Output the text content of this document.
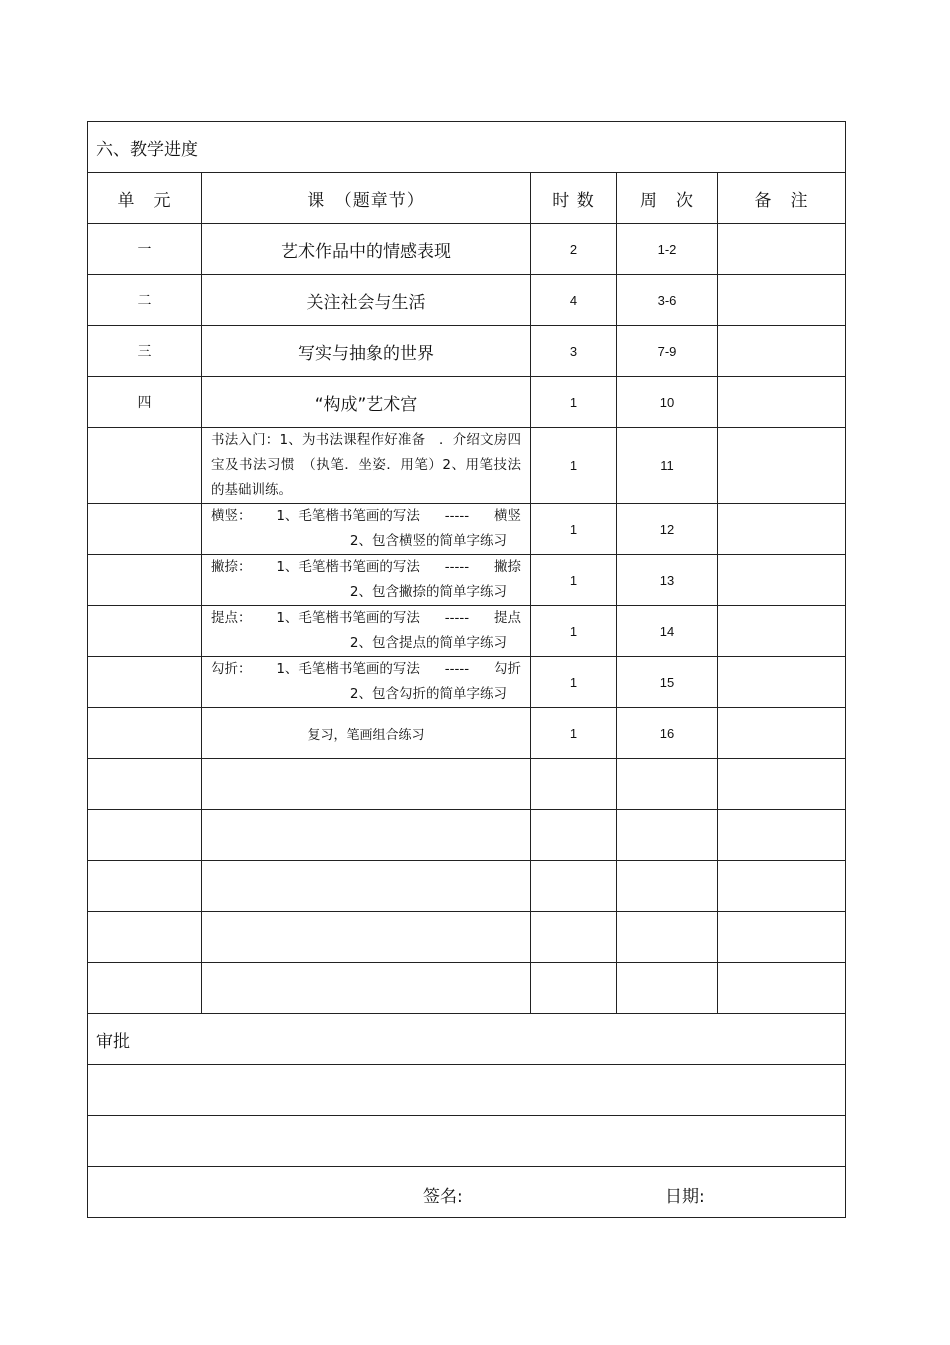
六、教学进度				
单　元	课　（题章节）	时 数	周　次	备　注
一	艺术作品中的情感表现	2	1-2	
二	关注社会与生活	4	3-6	
三	写实与抽象的世界	3	7-9	
四	“构成”艺术宫	1	10	
	书法入门：1、为书法课程作好准备　．介绍文房四宝及书法习惯　（执笔．坐姿．用笔）2、用笔技法的基础训练。	1	11	

	横竖： 1、毛笔楷书笔画的写法 ----- 横竖
2、包含横竖的简单字练习	1	12	

	撇捺： 1、毛笔楷书笔画的写法 ----- 撇捺
2、包含撇捺的简单字练习	1	13	

	提点： 1、毛笔楷书笔画的写法 ----- 提点
2、包含提点的简单字练习	1	14	

	勾折： 1、毛笔楷书笔画的写法 ----- 勾折
2、包含勾折的简单字练习	1	15	
	复习，笔画组合练习	1	16	

审批				

签名: 日期:				
